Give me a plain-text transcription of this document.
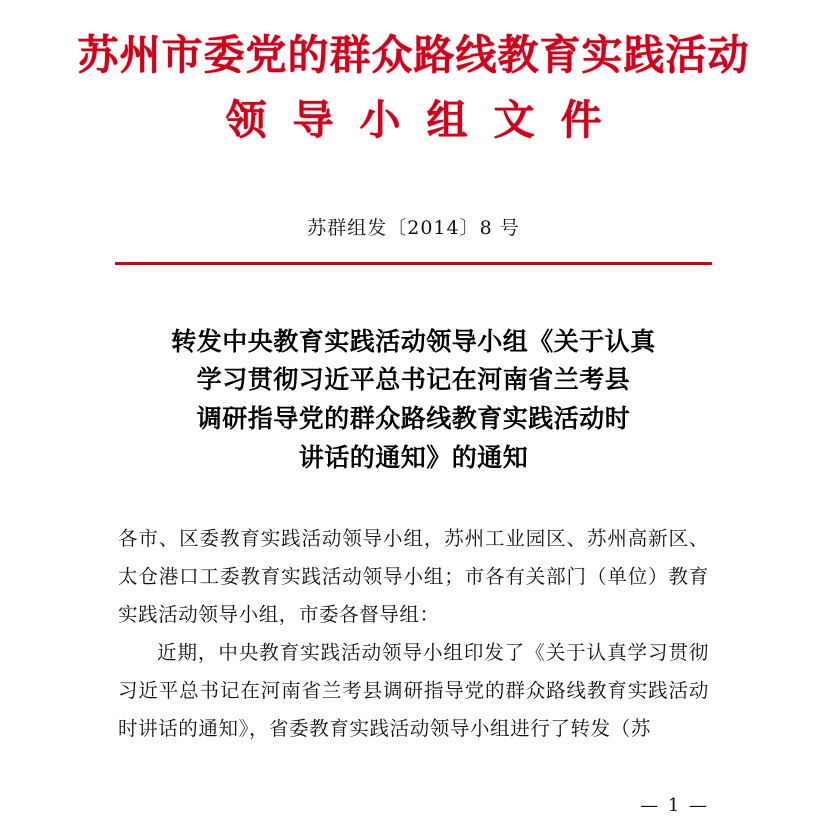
苏州市委党的群众路线教育实践活动
领导小组文件
苏群组发〔2014〕8 号
转发中央教育实践活动领导小组《关于认真
学习贯彻习近平总书记在河南省兰考县
调研指导党的群众路线教育实践活动时
讲话的通知》的通知

各市、区委教育实践活动领导小组，苏州工业园区、苏州高新区、太仓港口工委教育实践活动领导小组；市各有关部门（单位）教育实践活动领导小组，市委各督导组：

近期，中央教育实践活动领导小组印发了《关于认真学习贯彻习近平总书记在河南省兰考县调研指导党的群众路线教育实践活动时讲话的通知》，省委教育实践活动领导小组进行了转发（苏

— 1 —
